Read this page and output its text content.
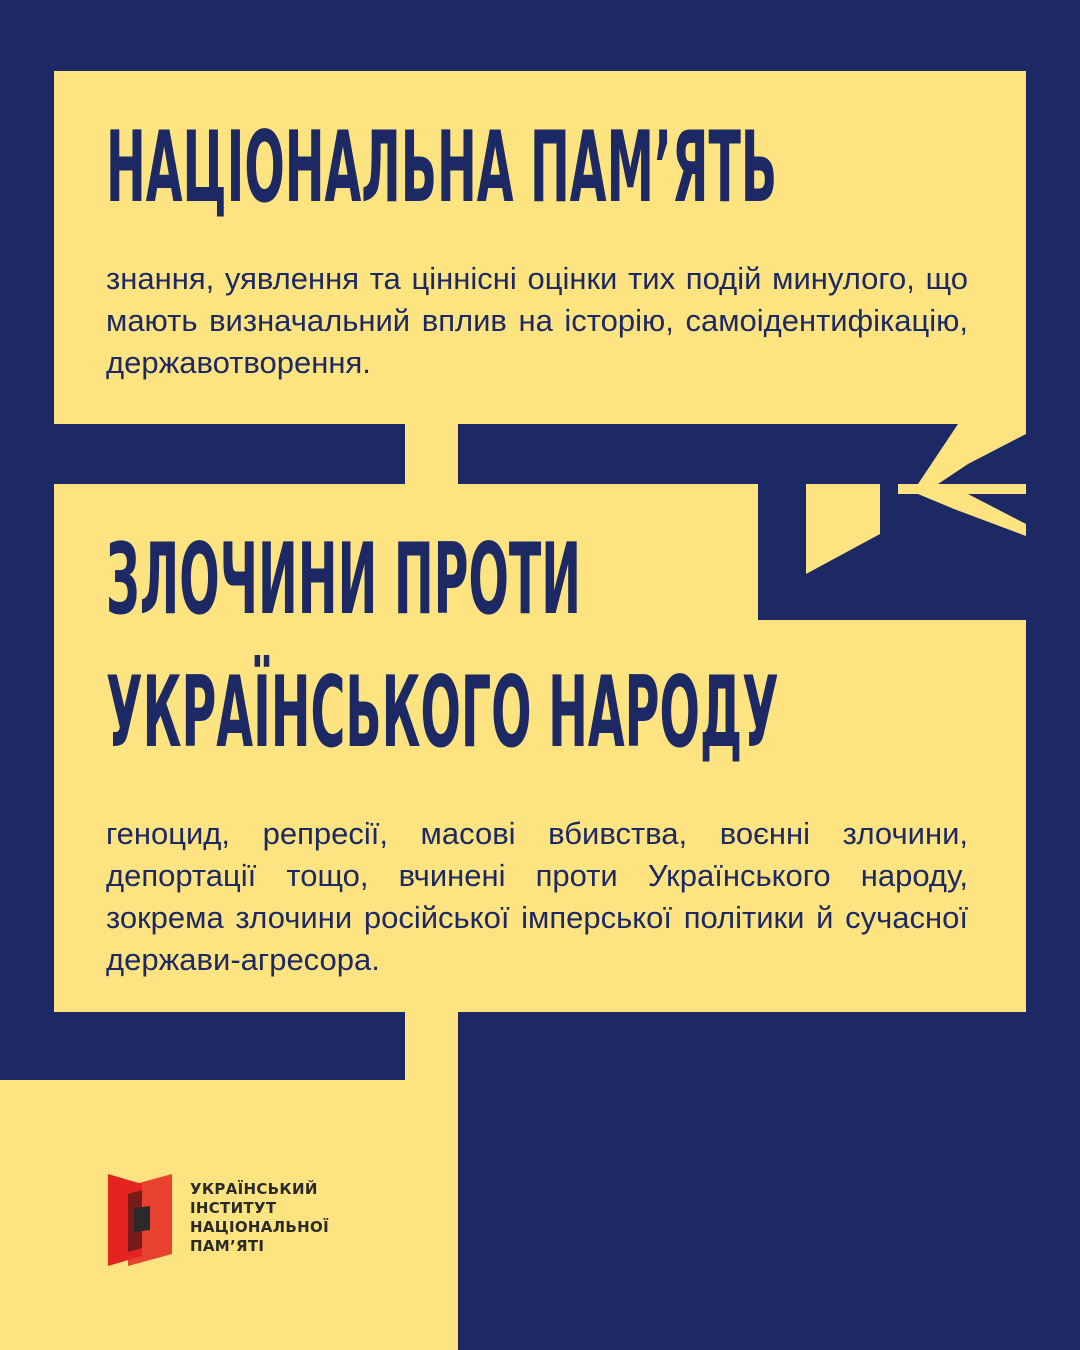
НАЦІОНАЛЬНА ПАМ’ЯТЬ

знання, уявлення та ціннісні оцінки тих подій минулого, що мають визначальний вплив на історію, самоідентифікацію, державотворення.

ЗЛОЧИНИ ПРОТИ
УКРАЇНСЬКОГО НАРОДУ

геноцид, репресії, масові вбивства, воєнні злочини, депортації тощо, вчинені проти Українського народу, зокрема злочини російської імперської політики й сучасної держави-агресора.

УКРАЇНСЬКИЙ
ІНСТИТУТ
НАЦІОНАЛЬНОЇ
ПАМ’ЯТІ
